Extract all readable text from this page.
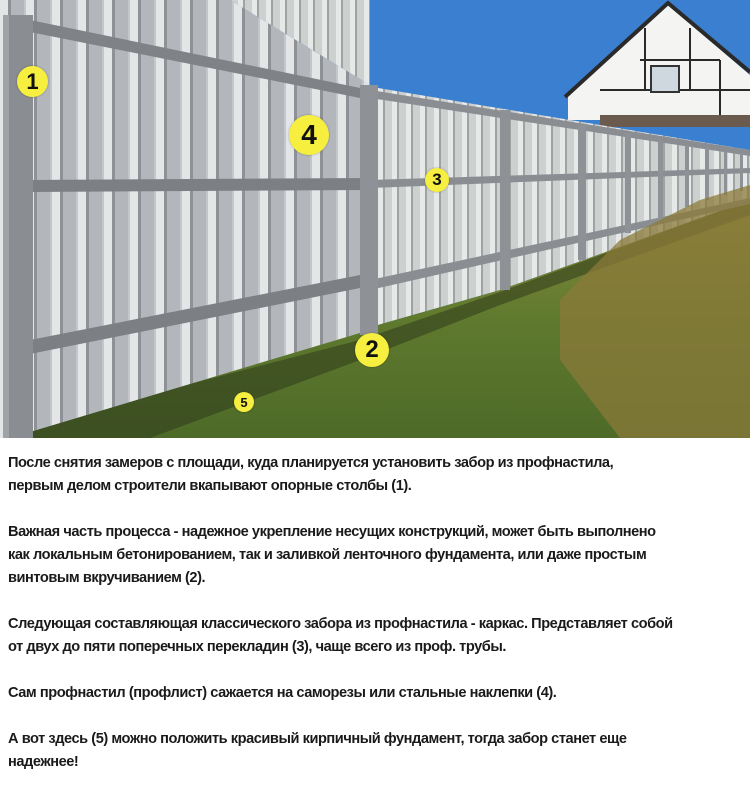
1
4
3
2
5

После снятия замеров с площади, куда планируется установить забор из профнастила,
первым делом строители вкапывают опорные столбы (1).

Важная часть процесса - надежное укрепление несущих конструкций, может быть выполнено
как локальным бетонированием, так и заливкой ленточного фундамента, или даже простым
винтовым вкручиванием (2).

Следующая составляющая классического забора из профнастила - каркас. Представляет собой
от двух до пяти поперечных перекладин (3), чаще всего из проф. трубы.

Сам профнастил (профлист) сажается на саморезы или стальные наклепки (4).

А вот здесь (5) можно положить красивый кирпичный фундамент, тогда забор станет еще
надежнее!
